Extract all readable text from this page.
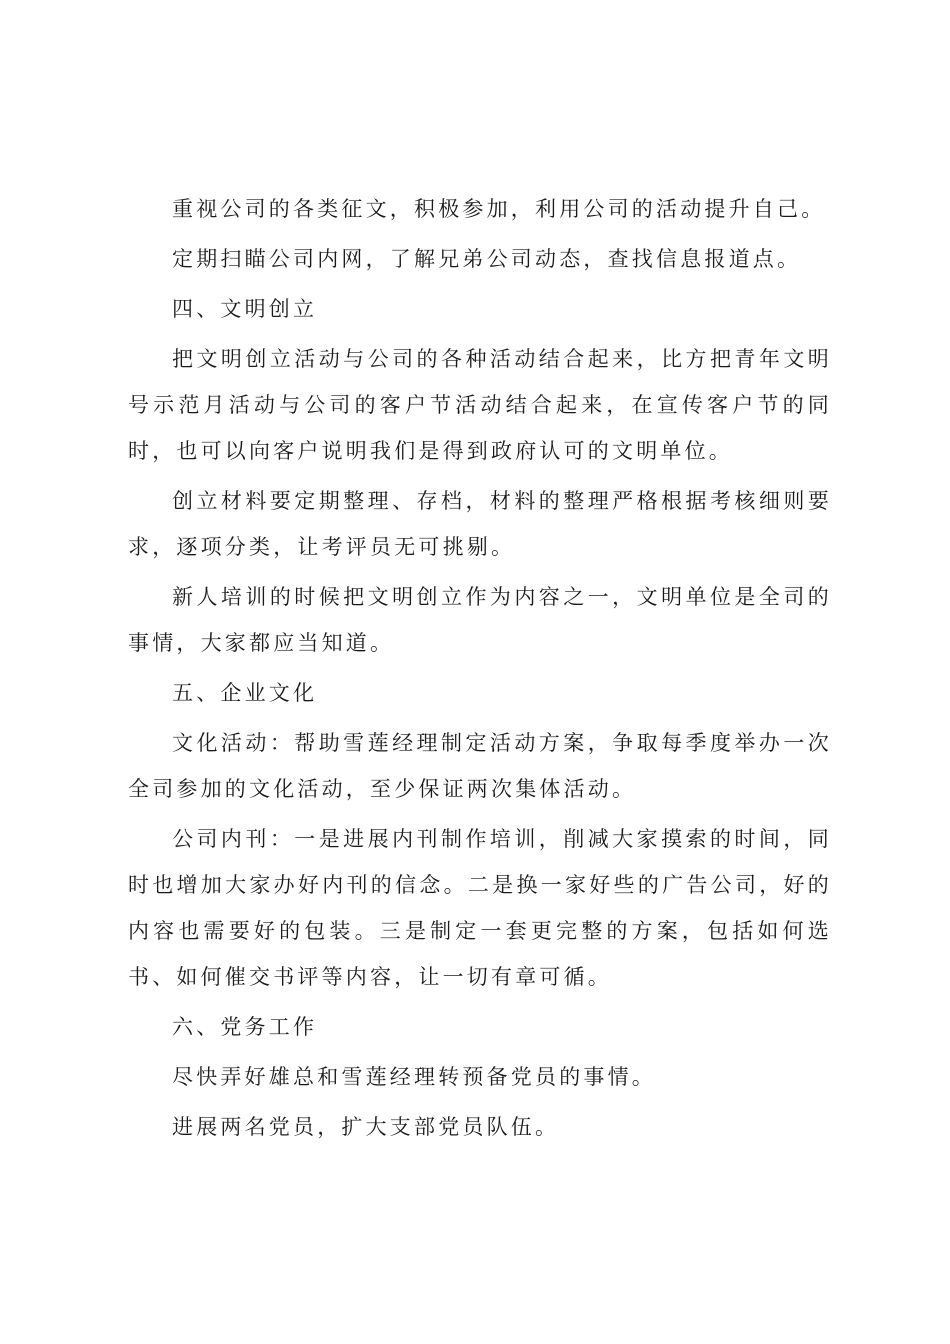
重视公司的各类征文，积极参加，利用公司的活动提升自己。

定期扫瞄公司内网，了解兄弟公司动态，查找信息报道点。

四、文明创立

把文明创立活动与公司的各种活动结合起来，比方把青年文明号示范月活动与公司的客户节活动结合起来，在宣传客户节的同时，也可以向客户说明我们是得到政府认可的文明单位。

创立材料要定期整理、存档，材料的整理严格根据考核细则要求，逐项分类，让考评员无可挑剔。

新人培训的时候把文明创立作为内容之一，文明单位是全司的事情，大家都应当知道。

五、企业文化

文化活动：帮助雪莲经理制定活动方案，争取每季度举办一次全司参加的文化活动，至少保证两次集体活动。

公司内刊：一是进展内刊制作培训，削减大家摸索的时间，同时也增加大家办好内刊的信念。二是换一家好些的广告公司，好的内容也需要好的包装。三是制定一套更完整的方案，包括如何选书、如何催交书评等内容，让一切有章可循。

六、党务工作

尽快弄好雄总和雪莲经理转预备党员的事情。

进展两名党员，扩大支部党员队伍。
